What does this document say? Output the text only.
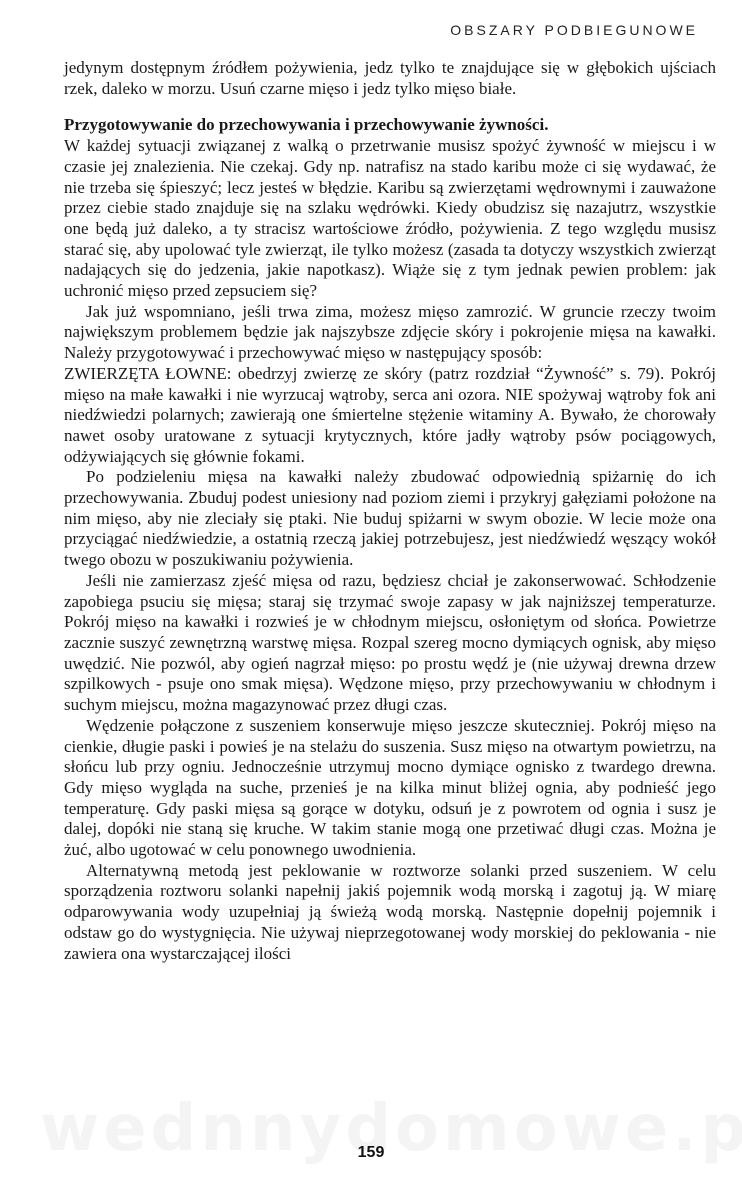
OBSZARY PODBIEGUNOWE

jedynym dostępnym źródłem pożywienia, jedz tylko te znajdujące się w głębokich ujściach rzek, daleko w morzu. Usuń czarne mięso i jedz tylko mięso białe.

Przygotowywanie do przechowywania i przechowywanie żywności.

W każdej sytuacji związanej z walką o przetrwanie musisz spożyć żywność w miejscu i w czasie jej znalezienia. Nie czekaj. Gdy np. natrafisz na stado karibu może ci się wydawać, że nie trzeba się śpieszyć; lecz jesteś w błędzie. Karibu są zwierzętami wędrownymi i zauważone przez ciebie stado znajduje się na szlaku wędrówki. Kiedy obudzisz się nazajutrz, wszystkie one będą już daleko, a ty stracisz wartościowe źródło, pożywienia. Z tego względu musisz starać się, aby upolować tyle zwierząt, ile tylko możesz (zasada ta dotyczy wszystkich zwierząt nadających się do jedzenia, jakie napotkasz). Wiąże się z tym jednak pewien problem: jak uchronić mięso przed zepsuciem się?

Jak już wspomniano, jeśli trwa zima, możesz mięso zamrozić. W gruncie rzeczy twoim największym problemem będzie jak najszybsze zdjęcie skóry i pokrojenie mięsa na kawałki. Należy przygotowywać i przechowywać mięso w następujący sposób:

ZWIERZĘTA ŁOWNE: obedrzyj zwierzę ze skóry (patrz rozdział “Żywność” s. 79). Pokrój mięso na małe kawałki i nie wyrzucaj wątroby, serca ani ozora. NIE spożywaj wątroby fok ani niedźwiedzi polarnych; zawierają one śmiertelne stężenie witaminy A. Bywało, że chorowały nawet osoby uratowane z sytuacji krytycznych, które jadły wątroby psów pociągowych, odżywiających się głównie fokami.

Po podzieleniu mięsa na kawałki należy zbudować odpowiednią spiżarnię do ich przechowywania. Zbuduj podest uniesiony nad poziom ziemi i przykryj gałęziami położone na nim mięso, aby nie zleciały się ptaki. Nie buduj spiżarni w swym obozie. W lecie może ona przyciągać niedźwiedzie, a ostatnią rzeczą jakiej potrzebujesz, jest niedźwiedź węszący wokół twego obozu w poszukiwaniu pożywienia.

Jeśli nie zamierzasz zjeść mięsa od razu, będziesz chciał je zakonserwować. Schłodzenie zapobiega psuciu się mięsa; staraj się trzymać swoje zapasy w jak najniższej temperaturze. Pokrój mięso na kawałki i rozwieś je w chłodnym miejscu, osłoniętym od słońca. Powietrze zacznie suszyć zewnętrzną warstwę mięsa. Rozpal szereg mocno dymiących ognisk, aby mięso uwędzić. Nie pozwól, aby ogień nagrzał mięso: po prostu wędź je (nie używaj drewna drzew szpilkowych - psuje ono smak mięsa). Wędzone mięso, przy przechowywaniu w chłodnym i suchym miejscu, można magazynować przez długi czas.

Wędzenie połączone z suszeniem konserwuje mięso jeszcze skuteczniej. Pokrój mięso na cienkie, długie paski i powieś je na stelażu do suszenia. Susz mięso na otwartym powietrzu, na słońcu lub przy ogniu. Jednocześnie utrzymuj mocno dymiące ognisko z twardego drewna. Gdy mięso wygląda na suche, przenieś je na kilka minut bliżej ognia, aby podnieść jego temperaturę. Gdy paski mięsa są gorące w dotyku, odsuń je z powrotem od ognia i susz je dalej, dopóki nie staną się kruche. W takim stanie mogą one przetiwać długi czas. Można je żuć, albo ugotować w celu ponownego uwodnienia.

Alternatywną metodą jest peklowanie w roztworze solanki przed suszeniem. W celu sporządzenia roztworu solanki napełnij jakiś pojemnik wodą morską i zagotuj ją. W miarę odparowywania wody uzupełniaj ją świeżą wodą morską. Następnie dopełnij pojemnik i odstaw go do wystygnięcia. Nie używaj nieprzegotowanej wody morskiej do peklowania - nie zawiera ona wystarczającej ilości

159
